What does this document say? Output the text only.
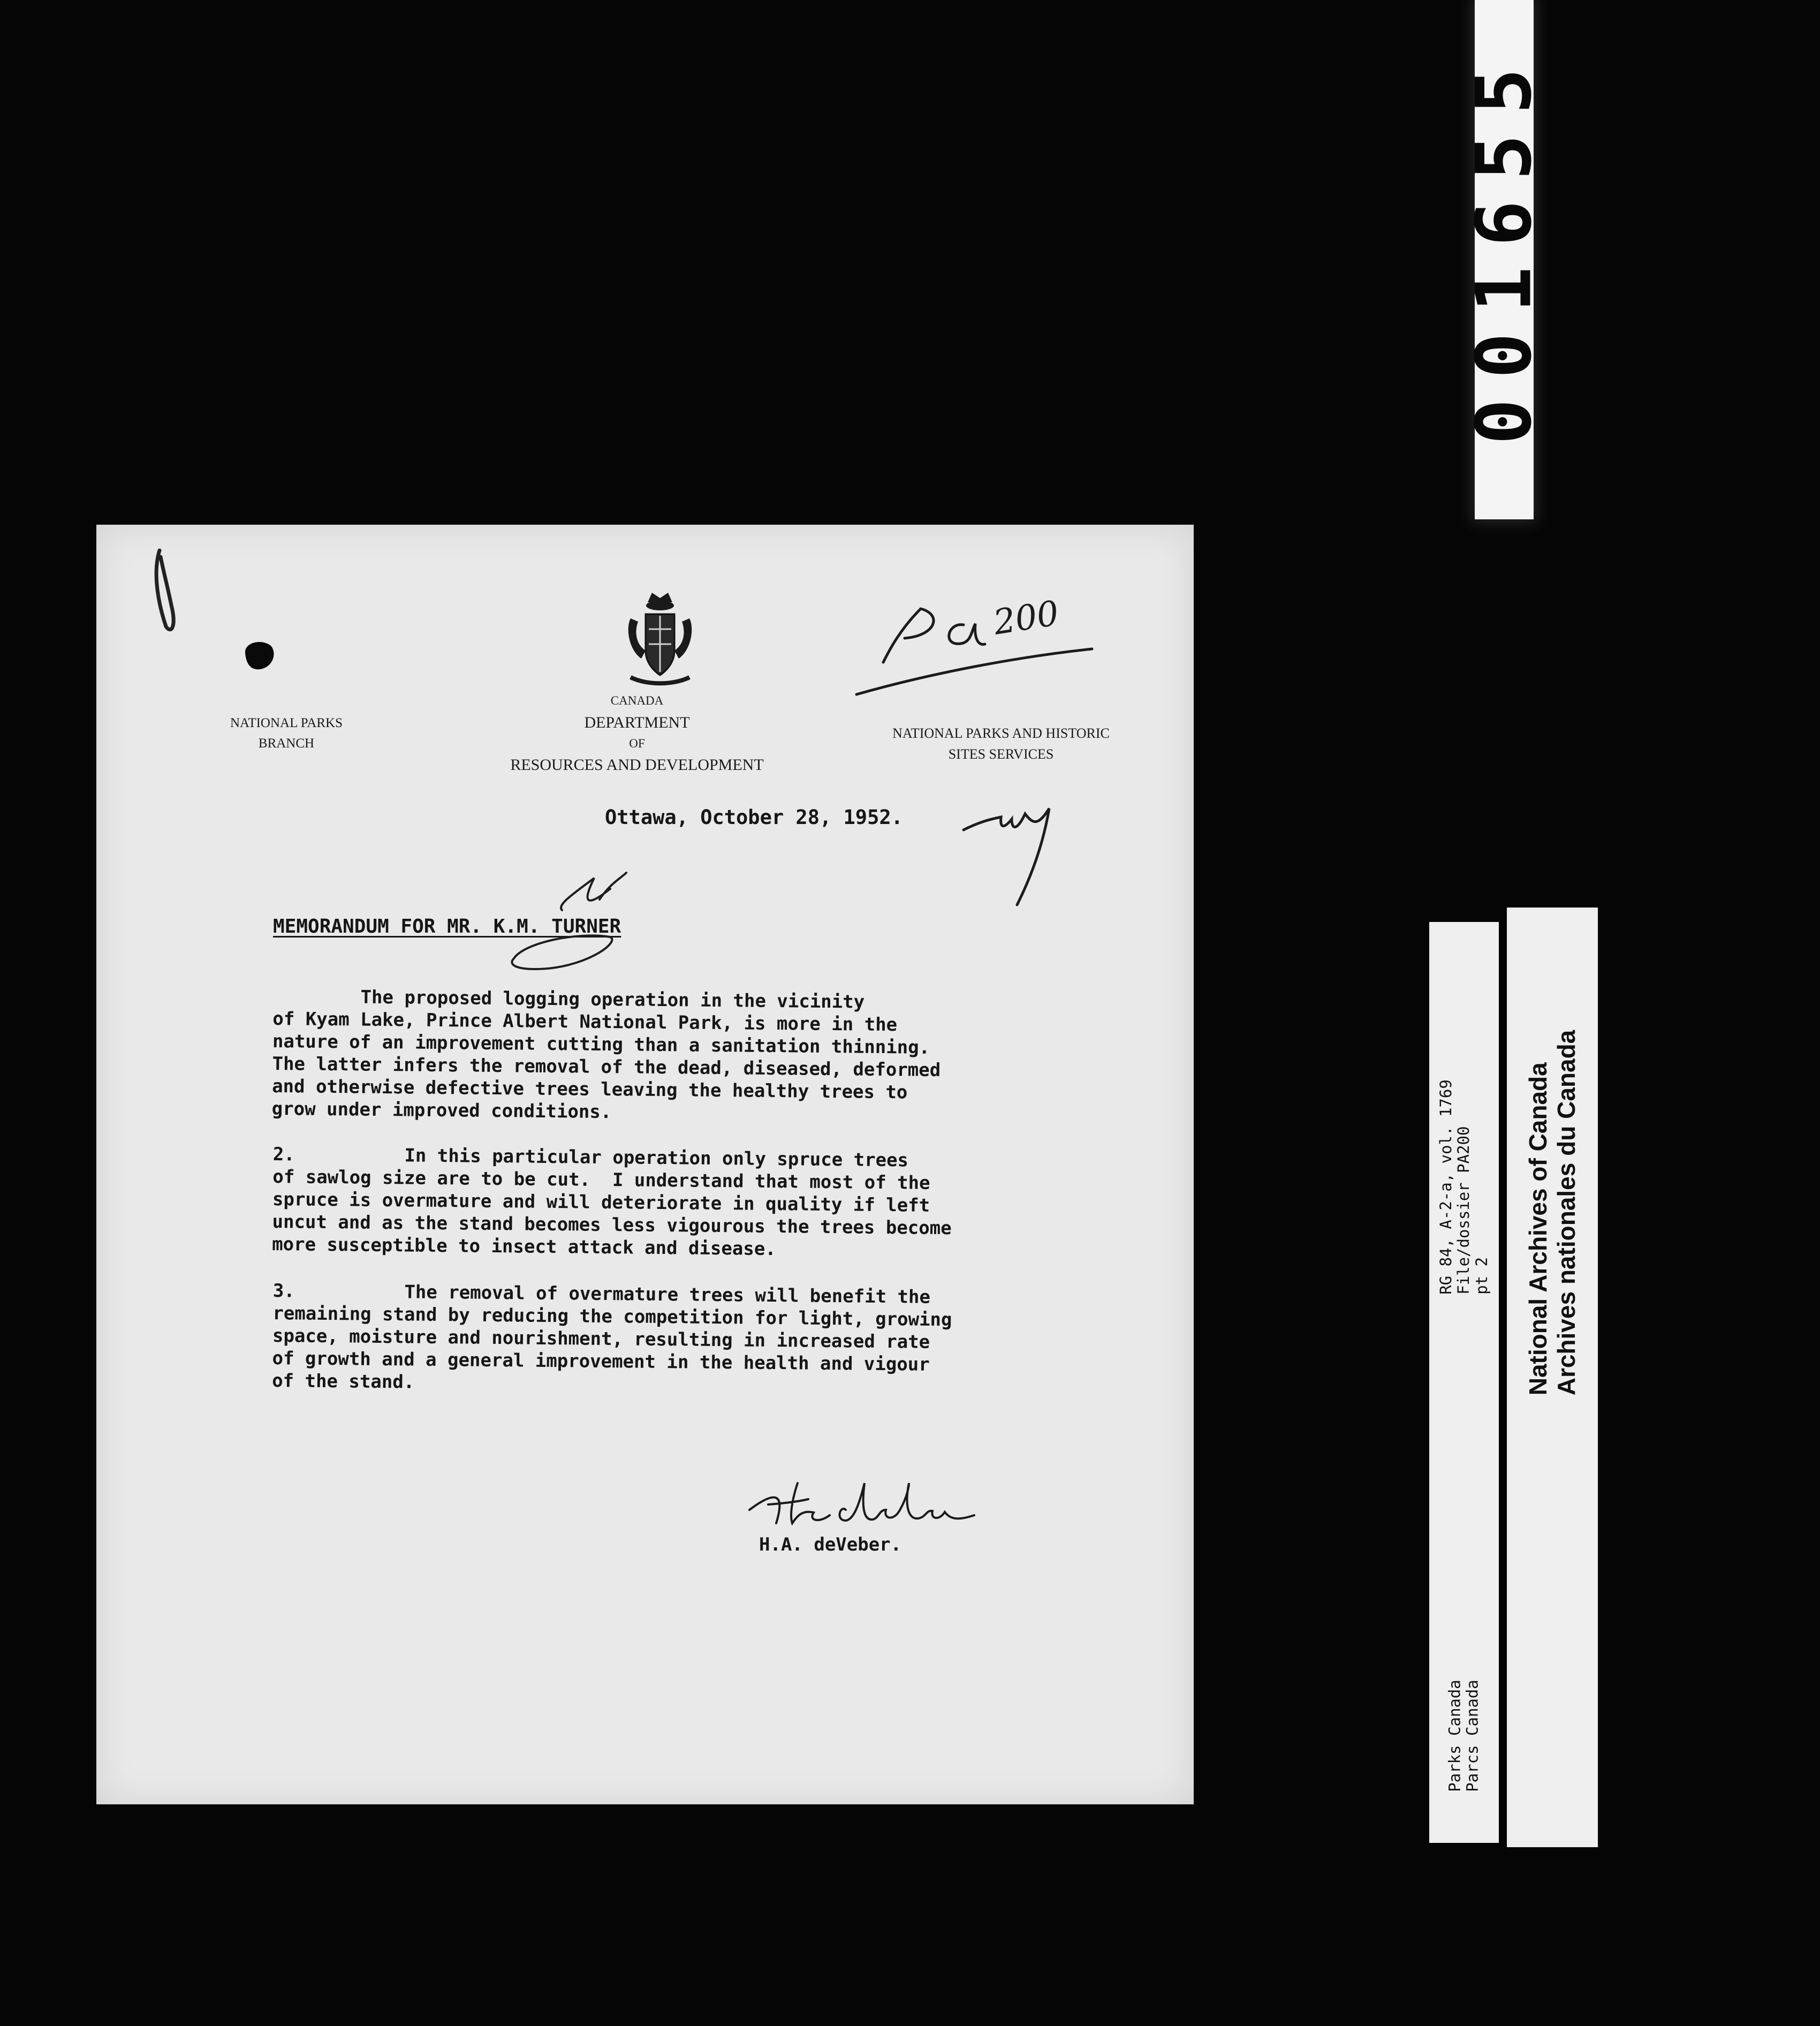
001655
NATIONAL PARKS
BRANCH
CANADA
DEPARTMENT
OF
RESOURCES AND DEVELOPMENT
NATIONAL PARKS AND HISTORIC
SITES SERVICES
200
Ottawa, October 28, 1952.
MEMORANDUM FOR MR. K.M. TURNER
The proposed logging operation in the vicinity
of Kyam Lake, Prince Albert National Park, is more in the
nature of an improvement cutting than a sanitation thinning.
The latter infers the removal of the dead, diseased, deformed
and otherwise defective trees leaving the healthy trees to
grow under improved conditions.
2.          In this particular operation only spruce trees
of sawlog size are to be cut.  I understand that most of the
spruce is overmature and will deteriorate in quality if left
uncut and as the stand becomes less vigourous the trees become
more susceptible to insect attack and disease.
3.          The removal of overmature trees will benefit the
remaining stand by reducing the competition for light, growing
space, moisture and nourishment, resulting in increased rate
of growth and a general improvement in the health and vigour
of the stand.
H.A. deVeber.
Parks Canada Parcs Canada
RG 84, A-2-a, vol. 1769 File/dossier PA200 pt 2 National Archives of Canada Archives nationales du Canada
